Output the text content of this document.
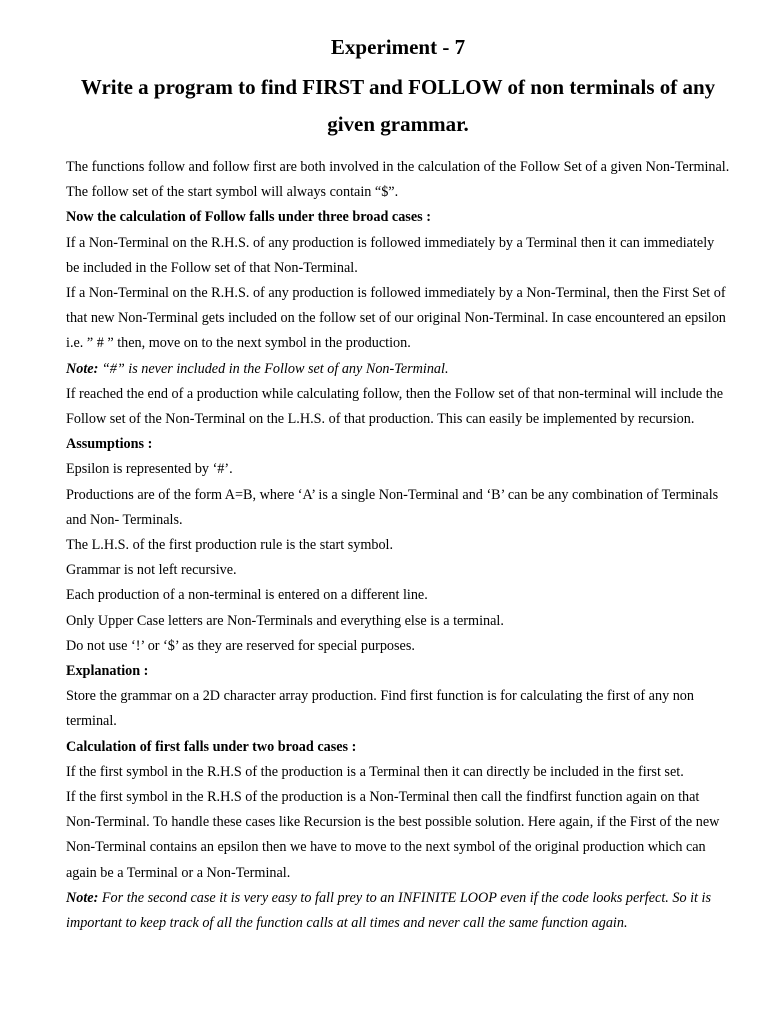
Experiment - 7
Write a program to find FIRST and FOLLOW of non terminals of any given grammar.

The functions follow and follow first are both involved in the calculation of the Follow Set of a given Non-Terminal. The follow set of the start symbol will always contain “$”.

Now the calculation of Follow falls under three broad cases :

If a Non-Terminal on the R.H.S. of any production is followed immediately by a Terminal then it can immediately be included in the Follow set of that Non-Terminal.

If a Non-Terminal on the R.H.S. of any production is followed immediately by a Non-Terminal, then the First Set of that new Non-Terminal gets included on the follow set of our original Non-Terminal. In case encountered an epsilon i.e. ” # ” then, move on to the next symbol in the production.

Note: “#” is never included in the Follow set of any Non-Terminal.

If reached the end of a production while calculating follow, then the Follow set of that non-terminal will include the Follow set of the Non-Terminal on the L.H.S. of that production. This can easily be implemented by recursion.

Assumptions :

Epsilon is represented by ‘#’.

Productions are of the form A=B, where ‘A’ is a single Non-Terminal and ‘B’ can be any combination of Terminals and Non- Terminals.

The L.H.S. of the first production rule is the start symbol.

Grammar is not left recursive.

Each production of a non-terminal is entered on a different line.

Only Upper Case letters are Non-Terminals and everything else is a terminal.

Do not use ‘!’ or ‘$’ as they are reserved for special purposes.

Explanation :

Store the grammar on a 2D character array production. Find first function is for calculating the first of any non terminal.

Calculation of first falls under two broad cases :

If the first symbol in the R.H.S of the production is a Terminal then it can directly be included in the first set.

If the first symbol in the R.H.S of the production is a Non-Terminal then call the findfirst function again on that Non-Terminal. To handle these cases like Recursion is the best possible solution. Here again, if the First of the new Non-Terminal contains an epsilon then we have to move to the next symbol of the original production which can again be a Terminal or a Non-Terminal.

Note: For the second case it is very easy to fall prey to an INFINITE LOOP even if the code looks perfect. So it is important to keep track of all the function calls at all times and never call the same function again.
